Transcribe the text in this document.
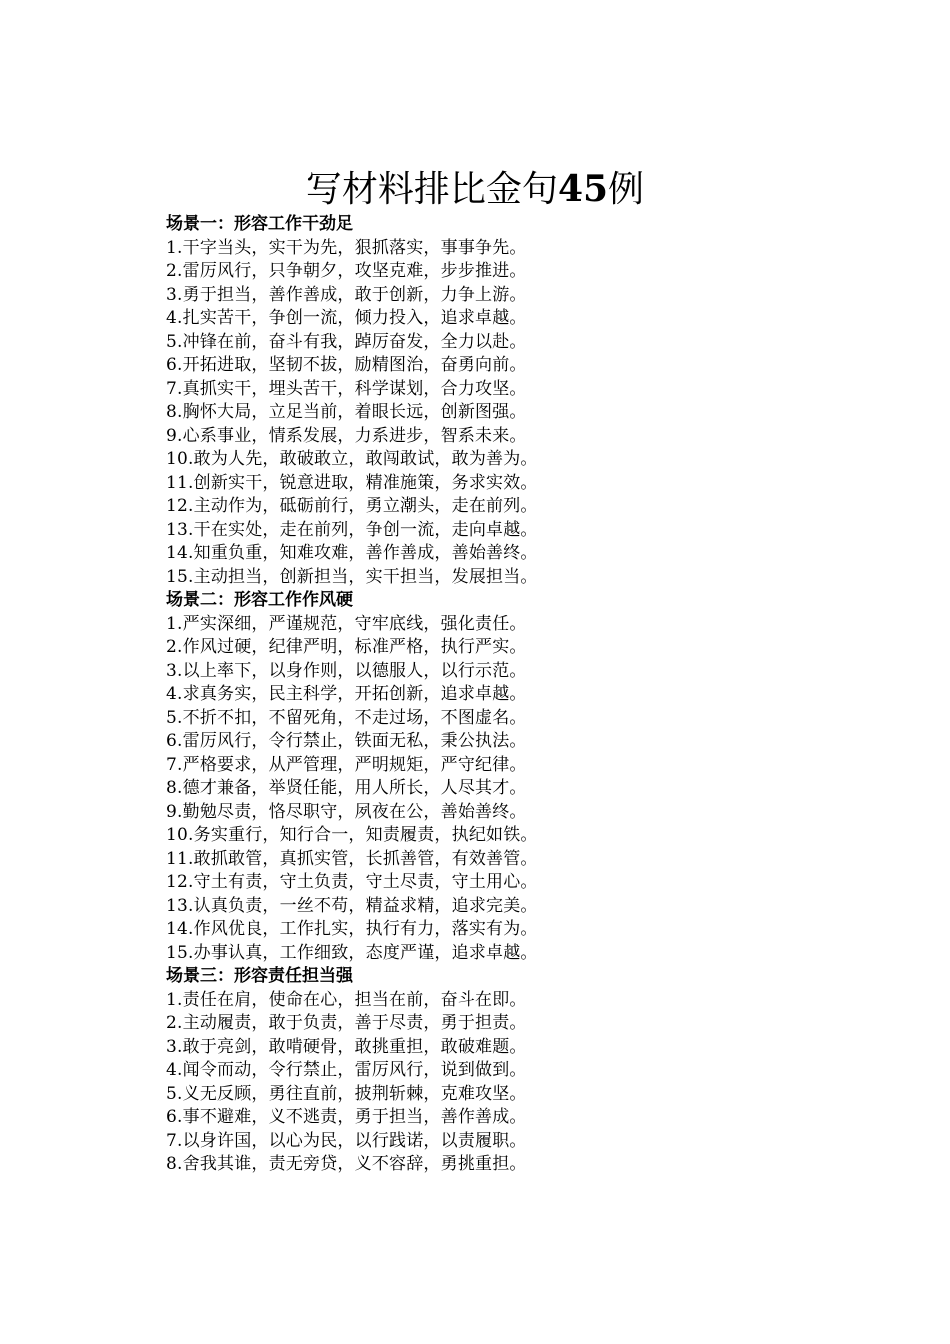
写材料排比金句45例
场景一：形容工作干劲足
1.干字当头，实干为先，狠抓落实，事事争先。
2.雷厉风行，只争朝夕，攻坚克难，步步推进。
3.勇于担当，善作善成，敢于创新，力争上游。
4.扎实苦干，争创一流，倾力投入，追求卓越。
5.冲锋在前，奋斗有我，踔厉奋发，全力以赴。
6.开拓进取，坚韧不拔，励精图治，奋勇向前。
7.真抓实干，埋头苦干，科学谋划，合力攻坚。
8.胸怀大局，立足当前，着眼长远，创新图强。
9.心系事业，情系发展，力系进步，智系未来。
10.敢为人先，敢破敢立，敢闯敢试，敢为善为。
11.创新实干，锐意进取，精准施策，务求实效。
12.主动作为，砥砺前行，勇立潮头，走在前列。
13.干在实处，走在前列，争创一流，走向卓越。
14.知重负重，知难攻难，善作善成，善始善终。
15.主动担当，创新担当，实干担当，发展担当。
场景二：形容工作作风硬
1.严实深细，严谨规范，守牢底线，强化责任。
2.作风过硬，纪律严明，标准严格，执行严实。
3.以上率下，以身作则，以德服人，以行示范。
4.求真务实，民主科学，开拓创新，追求卓越。
5.不折不扣，不留死角，不走过场，不图虚名。
6.雷厉风行，令行禁止，铁面无私，秉公执法。
7.严格要求，从严管理，严明规矩，严守纪律。
8.德才兼备，举贤任能，用人所长，人尽其才。
9.勤勉尽责，恪尽职守，夙夜在公，善始善终。
10.务实重行，知行合一，知责履责，执纪如铁。
11.敢抓敢管，真抓实管，长抓善管，有效善管。
12.守土有责，守土负责，守土尽责，守土用心。
13.认真负责，一丝不苟，精益求精，追求完美。
14.作风优良，工作扎实，执行有力，落实有为。
15.办事认真，工作细致，态度严谨，追求卓越。
场景三：形容责任担当强
1.责任在肩，使命在心，担当在前，奋斗在即。
2.主动履责，敢于负责，善于尽责，勇于担责。
3.敢于亮剑，敢啃硬骨，敢挑重担，敢破难题。
4.闻令而动，令行禁止，雷厉风行，说到做到。
5.义无反顾，勇往直前，披荆斩棘，克难攻坚。
6.事不避难，义不逃责，勇于担当，善作善成。
7.以身许国，以心为民，以行践诺，以责履职。
8.舍我其谁，责无旁贷，义不容辞，勇挑重担。
